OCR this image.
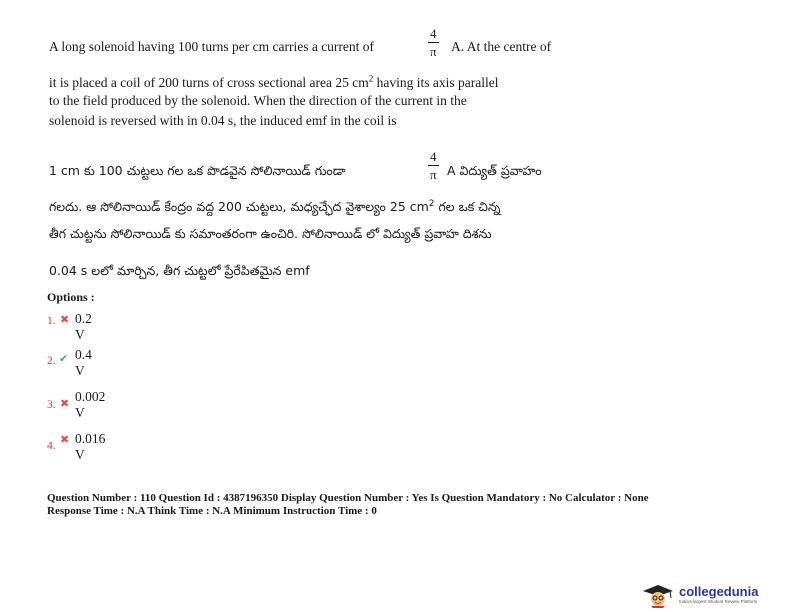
A long solenoid having 100 turns per cm carries a current of	$\frac{4}{\pi} A$. At the centre of
it is placed a coil of 200 turns of cross sectional area 25 $cm^2$ having its axis parallel
to the field produced by the solenoid. When the direction of the current in the
solenoid is reversed with in 0.04 s, the induced emf in the coil is
1 cm కు 100 చుట్టలు గల ఒక పొడవైన సోలినాయిడ్ గుండా	$\frac{4}{\pi}$ A విద్యుత్ ప్రవాహం
గలదు. ఆ సోలినాయిడ్ కేంద్రం వద్ద 200 చుట్టలు, మధ్యచ్ఛేద వైశాల్యం 25 $cm^2$ గల ఒక చిన్న
తీగ చుట్టను సోలినాయిడ్ కు సమాంతరంగా ఉంచిరి. సోలినాయిడ్ లో విద్యుత్ ప్రవాహ దిశను
0.04 s లలో మార్చిన, తీగ చుట్టలో ప్రేరేపితమైన emf
Options :
1. ✖ 0.2 V
2. ✔ 0.4 V
3. ✖ 0.002 V
4. ✖ 0.016 V
Question Number : 110 Question Id : 4387196350 Display Question Number : Yes Is Question Mandatory : No Calculator : None
Response Time : N.A Think Time : N.A Minimum Instruction Time : 0
collegedunia
India's largest Student Review Platform
